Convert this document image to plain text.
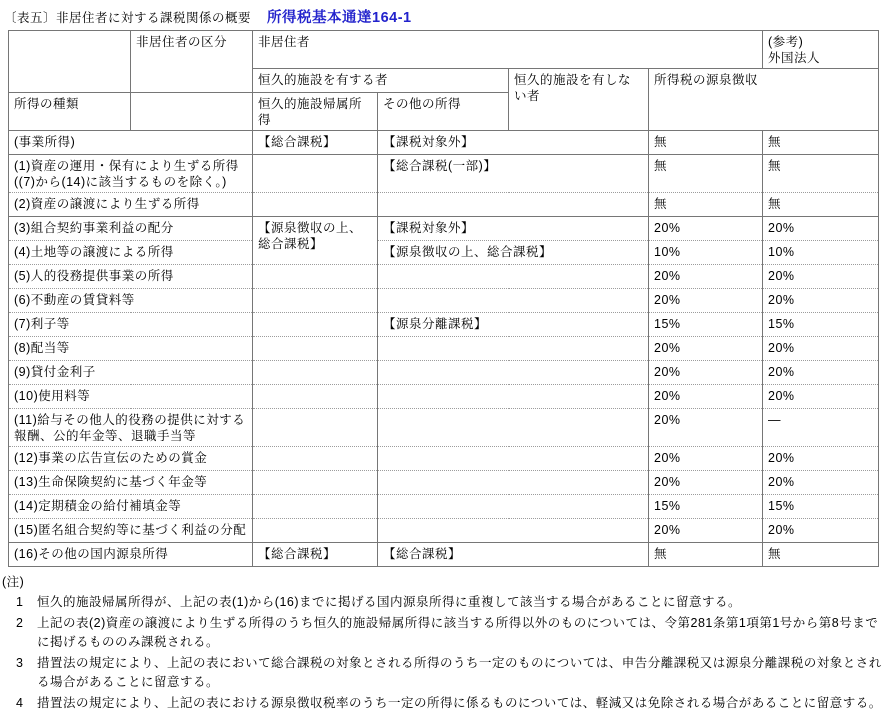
〔表五〕非居住者に対する課税関係の概要 所得税基本通達164-1
	非居住者の区分	非居住者				(参考)
外国法人

		恒久的施設を有する者		恒久的施設を有しない者	所得税の源泉徴収	
所得の種類		恒久的施設帰属所得	その他の所得			
(事業所得)		【総合課税】	【課税対象外】		無	無
(1)資産の運用・保有により生ずる所得((7)から(14)に該当するものを除く。)			【総合課税(一部)】		無	無
(2)資産の譲渡により生ずる所得					無	無
(3)組合契約事業利益の配分		【源泉徴収の上、総合課税】	【課税対象外】		20%	20%
(4)土地等の譲渡による所得			【源泉徴収の上、総合課税】		10%	10%
(5)人的役務提供事業の所得					20%	20%
(6)不動産の賃貸料等					20%	20%
(7)利子等			【源泉分離課税】		15%	15%
(8)配当等					20%	20%
(9)貸付金利子					20%	20%
(10)使用料等					20%	20%
(11)給与その他人的役務の提供に対する報酬、公的年金等、退職手当等					20%	—
(12)事業の広告宣伝のための賞金					20%	20%
(13)生命保険契約に基づく年金等					20%	20%
(14)定期積金の給付補填金等					15%	15%
(15)匿名組合契約等に基づく利益の分配					20%	20%
(16)その他の国内源泉所得		【総合課税】	【総合課税】		無	無
(注)
1	恒久的施設帰属所得が、上記の表(1)から(16)までに掲げる国内源泉所得に重複して該当する場合があることに留意する。
2	上記の表(2)資産の譲渡により生ずる所得のうち恒久的施設帰属所得に該当する所得以外のものについては、令第281条第1項第1号から第8号までに掲げるもののみ課税される。
3	措置法の規定により、上記の表において総合課税の対象とされる所得のうち一定のものについては、申告分離課税又は源泉分離課税の対象とされる場合があることに留意する。
4	措置法の規定により、上記の表における源泉徴収税率のうち一定の所得に係るものについては、軽減又は免除される場合があることに留意する。
